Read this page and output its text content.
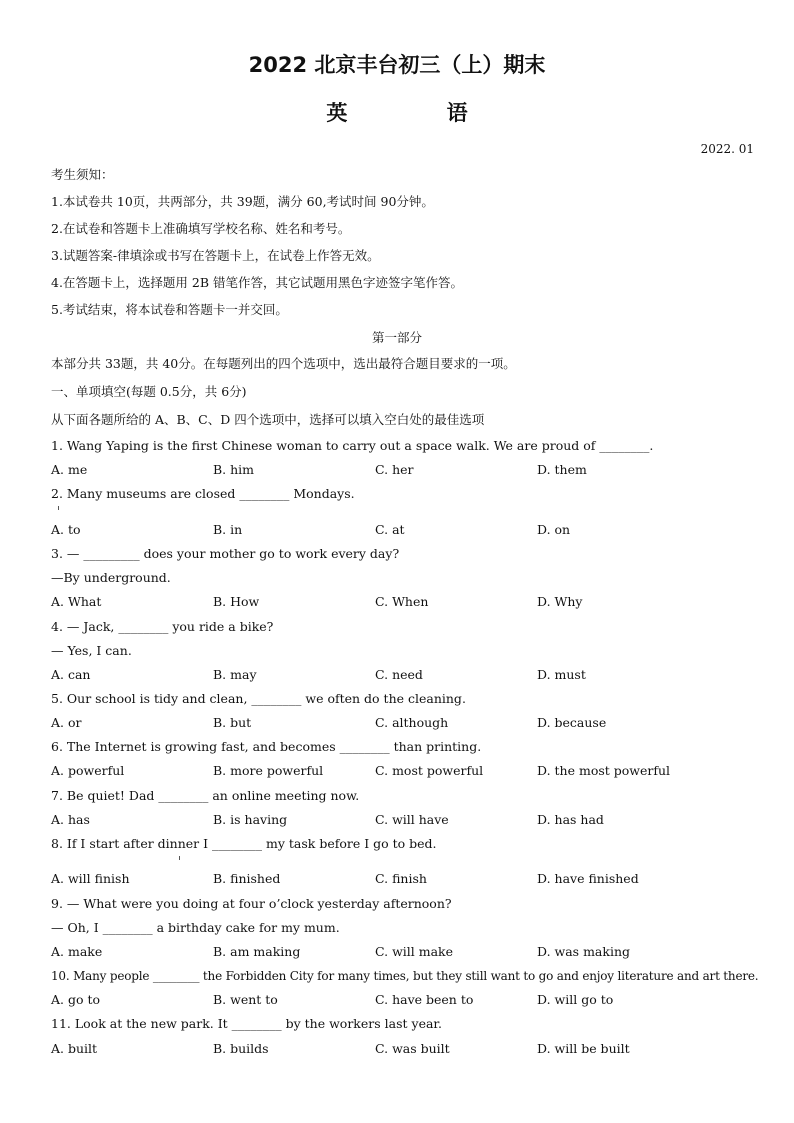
2022 北京丰台初三（上）期末
英 语
2022. 01
考生须知：
1.本试卷共 10页，共两部分，共 39题，满分 60,考试时间 90分钟。
2.在试卷和答题卡上准确填写学校名称、姓名和考号。
3.试题答案-律填涂或书写在答题卡上，在试卷上作答无效。
4.在答题卡上，选择题用 2B 错笔作答，其它试题用黑色字迹签字笔作答。
5.考试结束，将本试卷和答题卡一并交回。
第一部分
本部分共 33题，共 40分。在每题列出的四个选项中，选出最符合题目要求的一项。
一、单项填空(每题 0.5分，共 6分)
从下面各题所给的 A、B、C、D 四个选项中，选择可以填入空白处的最佳选项
1. Wang Yaping is the first Chinese woman to carry out a space walk. We are proud of ________.
A. me	B. him	C. her	D. them
2. Many museums are closed ________ Mondays.
A. to	B. in	C. at	D. on
3. — _________ does your mother go to work every day?
—By underground.
A. What	B. How	C. When	D. Why
4. — Jack, ________ you ride a bike?
— Yes, I can.
A. can	B. may	C. need	D. must
5. Our school is tidy and clean, ________ we often do the cleaning.
A. or	B. but	C. although	D. because
6. The Internet is growing fast, and becomes ________ than printing.
A. powerful	B. more powerful	C. most powerful	D. the most powerful
7. Be quiet! Dad ________ an online meeting now.
A. has	B. is having	C. will have	D. has had
8. If I start after dinner I ________ my task before I go to bed.
A. will finish	B. finished	C. finish	D. have finished
9. — What were you doing at four o’clock yesterday afternoon?
— Oh, I ________ a birthday cake for my mum.
A. make	B. am making	C. will make	D. was making
10. Many people ________ the Forbidden City for many times, but they still want to go and enjoy literature and art there.
A. go to	B. went to	C. have been to	D. will go to
11. Look at the new park. It ________ by the workers last year.
A. built	B. builds	C. was built	D. will be built
